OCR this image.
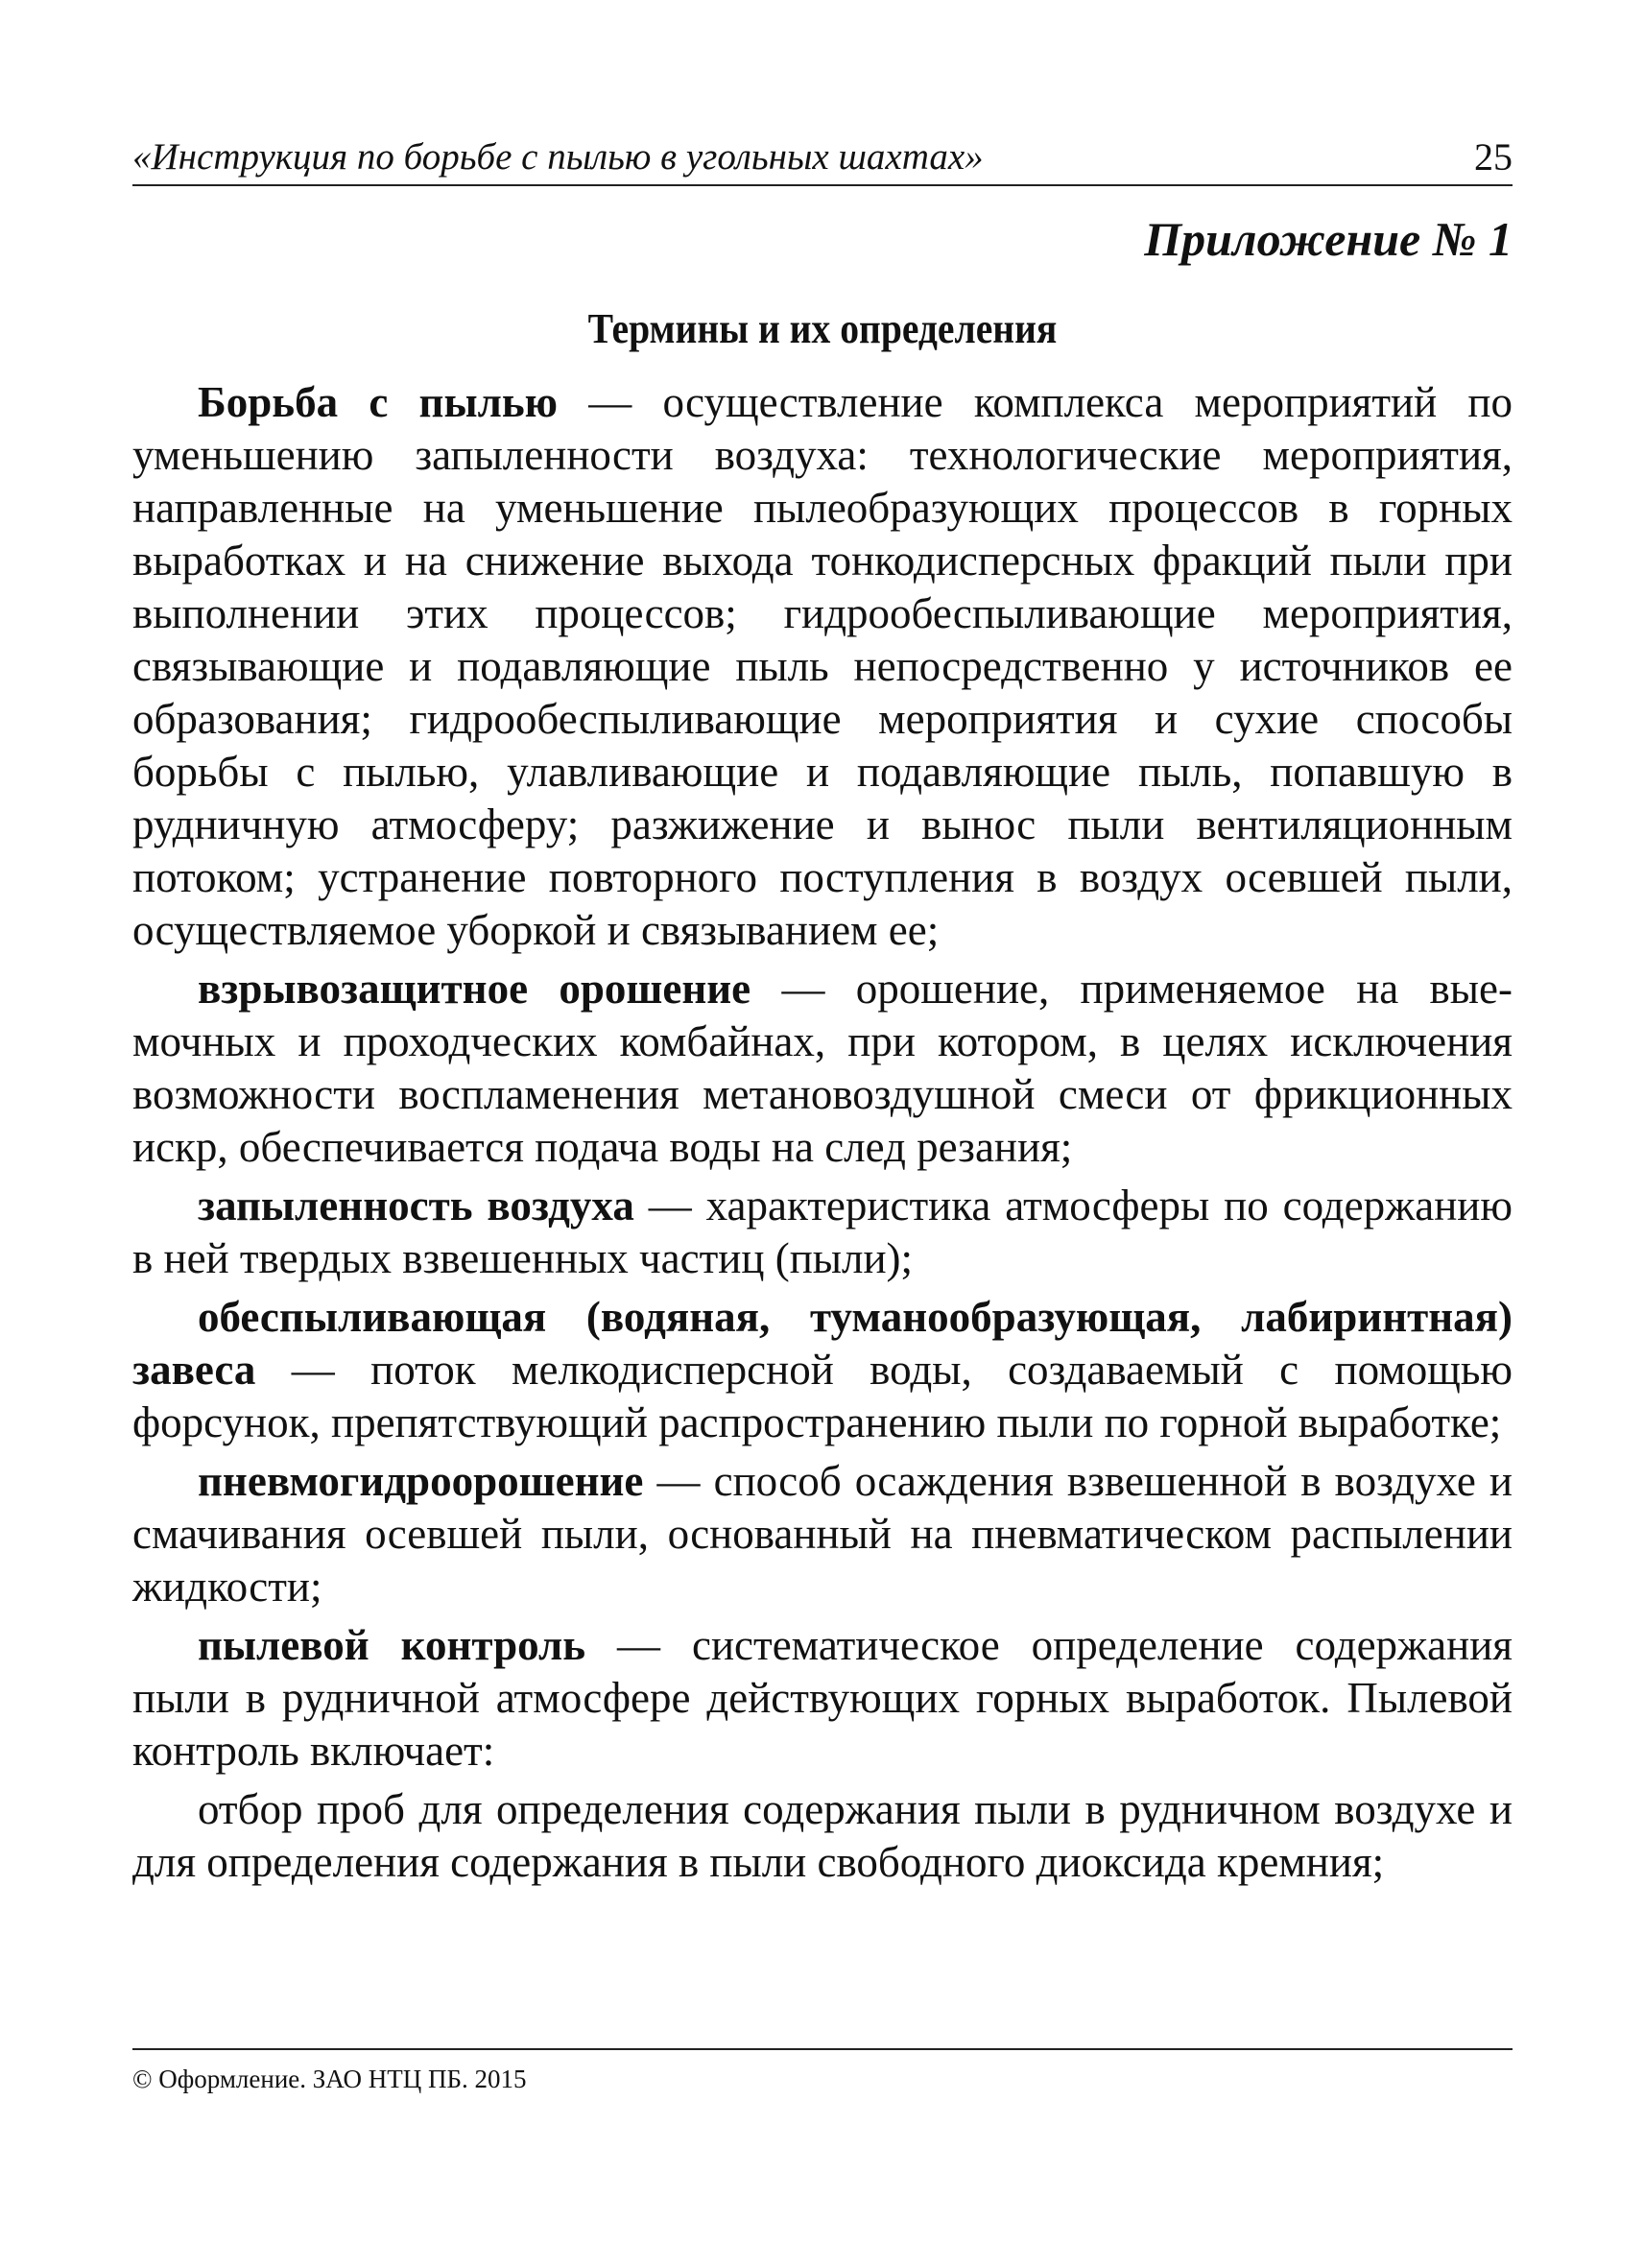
«Инструкция по борьбе с пылью в угольных шахтах»	25
Приложение № 1
Термины и их определения

Борьба с пылью — осуществление комплекса мероприятий по уменьшению запыленности воздуха: технологические мероприятия, направленные на уменьшение пылеобразующих процессов в горных выработках и на снижение выхода тонкодисперсных фракций пыли при выполнении этих процессов; гидрообеспыливающие мероприятия, связывающие и подавляющие пыль непосредственно у источников ее образования; гидрообеспыливающие мероприятия и сухие способы борьбы с пылью, улавливающие и подавляющие пыль, попавшую в рудничную атмосферу; разжижение и вынос пыли вентиляционным потоком; устранение повторного поступления в воздух осевшей пыли, осуществляемое уборкой и связыванием ее;

взрывозащитное орошение — орошение, применяемое на выемочных и проходческих комбайнах, при котором, в целях исключения возможности воспламенения метановоздушной смеси от фрикционных искр, обеспечивается подача воды на след резания;

запыленность воздуха — характеристика атмосферы по содержанию в ней твердых взвешенных частиц (пыли);

обеспыливающая (водяная, туманообразующая, лабиринтная) завеса — поток мелкодисперсной воды, создаваемый с помощью форсунок, препятствующий распространению пыли по горной выработке;

пневмогидроорошение — способ осаждения взвешенной в воздухе и смачивания осевшей пыли, основанный на пневматическом распылении жидкости;

пылевой контроль — систематическое определение содержания пыли в рудничной атмосфере действующих горных выработок. Пылевой контроль включает:

отбор проб для определения содержания пыли в рудничном воздухе и для определения содержания в пыли свободного диоксида кремния;

© Оформление. ЗАО НТЦ ПБ. 2015
